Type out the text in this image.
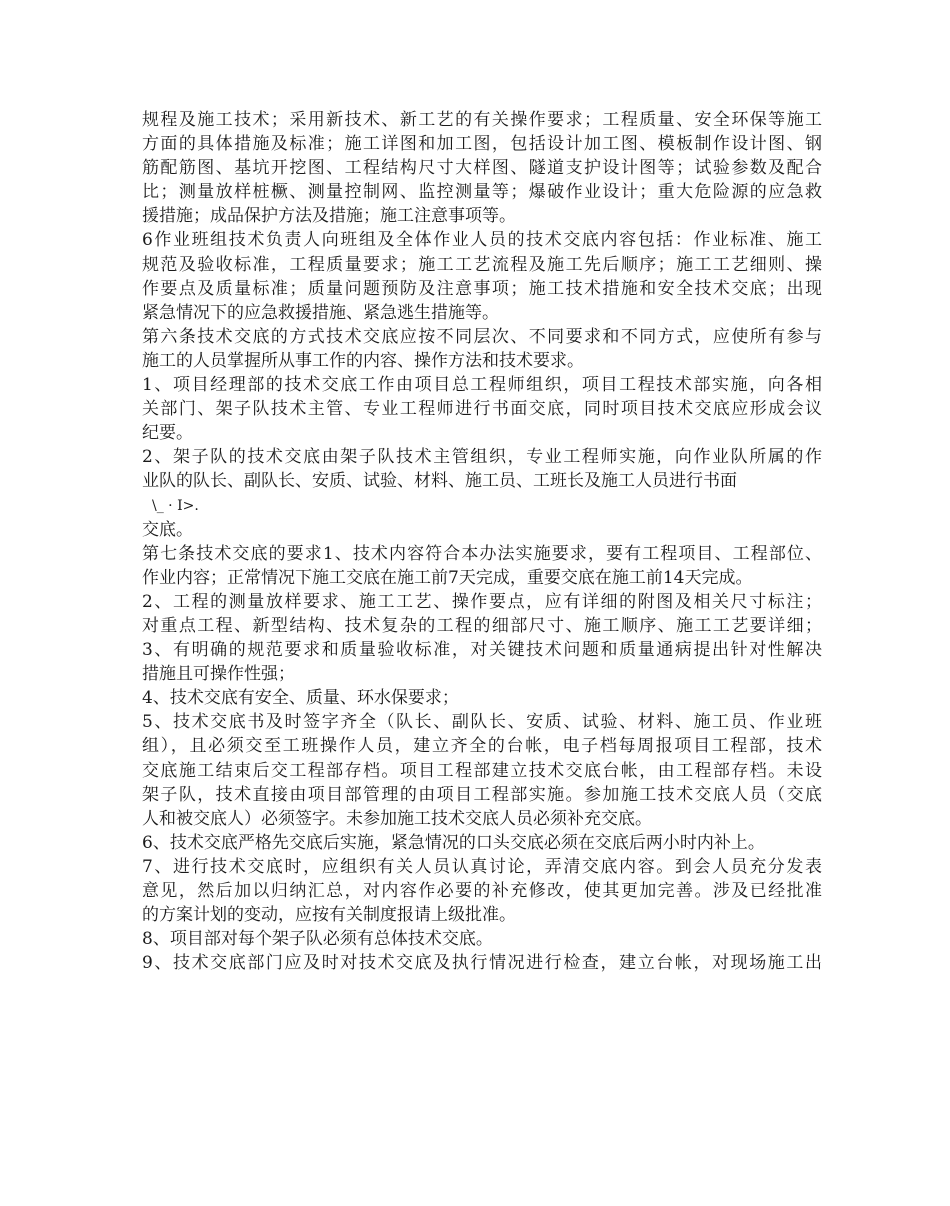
规程及施工技术；采用新技术、新工艺的有关操作要求；工程质量、安全环保等施工
方面的具体措施及标准；施工详图和加工图，包括设计加工图、模板制作设计图、钢
筋配筋图、基坑开挖图、工程结构尺寸大样图、隧道支护设计图等；试验参数及配合
比；测量放样桩橛、测量控制网、监控测量等；爆破作业设计；重大危险源的应急救
援措施；成品保护方法及措施；施工注意事项等。
6作业班组技术负责人向班组及全体作业人员的技术交底内容包括：作业标准、施工
规范及验收标准，工程质量要求；施工工艺流程及施工先后顺序；施工工艺细则、操
作要点及质量标准；质量问题预防及注意事项；施工技术措施和安全技术交底；出现
紧急情况下的应急救援措施、紧急逃生措施等。
第六条技术交底的方式技术交底应按不同层次、不同要求和不同方式，应使所有参与
施工的人员掌握所从事工作的内容、操作方法和技术要求。
1、项目经理部的技术交底工作由项目总工程师组织，项目工程技术部实施，向各相
关部门、架子队技术主管、专业工程师进行书面交底，同时项目技术交底应形成会议
纪要。
2、架子队的技术交底由架子队技术主管组织，专业工程师实施，向作业队所属的作
业队的队长、副队长、安质、试验、材料、施工员、工班长及施工人员进行书面
\_ · I>.
交底。
第七条技术交底的要求1、技术内容符合本办法实施要求，要有工程项目、工程部位、
作业内容；正常情况下施工交底在施工前7天完成，重要交底在施工前14天完成。
2、工程的测量放样要求、施工工艺、操作要点，应有详细的附图及相关尺寸标注；
对重点工程、新型结构、技术复杂的工程的细部尺寸、施工顺序、施工工艺要详细；
3、有明确的规范要求和质量验收标准，对关键技术问题和质量通病提出针对性解决
措施且可操作性强；
4、技术交底有安全、质量、环水保要求；
5、技术交底书及时签字齐全（队长、副队长、安质、试验、材料、施工员、作业班
组），且必须交至工班操作人员，建立齐全的台帐，电子档每周报项目工程部，技术
交底施工结束后交工程部存档。项目工程部建立技术交底台帐，由工程部存档。未设
架子队，技术直接由项目部管理的由项目工程部实施。参加施工技术交底人员（交底
人和被交底人）必须签字。未参加施工技术交底人员必须补充交底。
6、技术交底严格先交底后实施，紧急情况的口头交底必须在交底后两小时内补上。
7、进行技术交底时，应组织有关人员认真讨论，弄清交底内容。到会人员充分发表
意见，然后加以归纳汇总，对内容作必要的补充修改，使其更加完善。涉及已经批准
的方案计划的变动，应按有关制度报请上级批准。
8、项目部对每个架子队必须有总体技术交底。
9、技术交底部门应及时对技术交底及执行情况进行检查，建立台帐，对现场施工出
